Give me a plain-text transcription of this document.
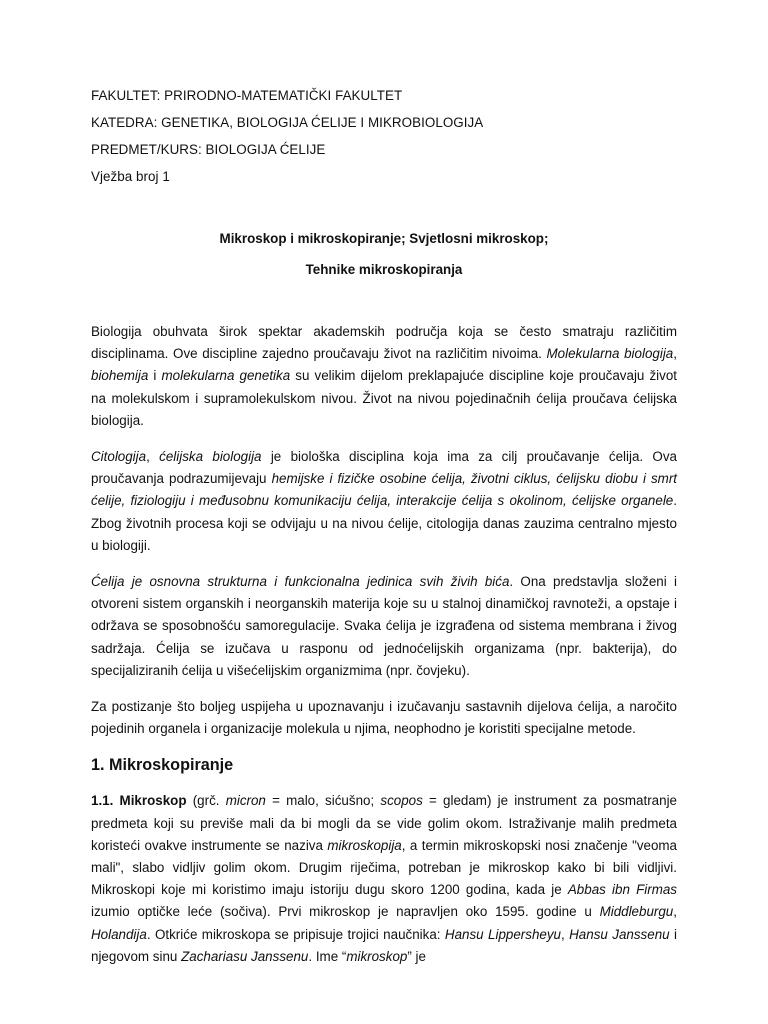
FAKULTET: PRIRODNO-MATEMATIČKI FAKULTET

KATEDRA: GENETIKA, BIOLOGIJA ĆELIJE I MIKROBIOLOGIJA

PREDMET/KURS: BIOLOGIJA ĆELIJE

Vježba broj 1

Mikroskop i mikroskopiranje; Svjetlosni mikroskop;

Tehnike mikroskopiranja

Biologija obuhvata širok spektar akademskih područja koja se često smatraju različitim disciplinama. Ove discipline zajedno proučavaju život na različitim nivoima. Molekularna biologija, biohemija i molekularna genetika su velikim dijelom preklapajuće discipline koje proučavaju život na molekulskom i supramolekulskom nivou. Život na nivou pojedinačnih ćelija proučava ćelijska biologija.

Citologija, ćelijska biologija je biološka disciplina koja ima za cilj proučavanje ćelija. Ova proučavanja podrazumijevaju hemijske i fizičke osobine ćelija, životni ciklus, ćelijsku diobu i smrt ćelije, fiziologiju i međusobnu komunikaciju ćelija, interakcije ćelija s okolinom, ćelijske organele. Zbog životnih procesa koji se odvijaju u na nivou ćelije, citologija danas zauzima centralno mjesto u biologiji.

Ćelija je osnovna strukturna i funkcionalna jedinica svih živih bića. Ona predstavlja složeni i otvoreni sistem organskih i neorganskih materija koje su u stalnoj dinamičkoj ravnoteži, a opstaje i održava se sposobnošću samoregulacije. Svaka ćelija je izgrađena od sistema membrana i živog sadržaja. Ćelija se izučava u rasponu od jednoćelijskih organizama (npr. bakterija), do specijaliziranih ćelija u višećelijskim organizmima (npr. čovjeku).

Za postizanje što boljeg uspijeha u upoznavanju i izučavanju sastavnih dijelova ćelija, a naročito pojedinih organela i organizacije molekula u njima, neophodno je koristiti specijalne metode.

1. Mikroskopiranje

1.1. Mikroskop (grč. micron = malo, sićušno; scopos = gledam) je instrument za posmatranje predmeta koji su previše mali da bi mogli da se vide golim okom. Istraživanje malih predmeta koristeći ovakve instrumente se naziva mikroskopija, a termin mikroskopski nosi značenje "veoma mali", slabo vidljiv golim okom. Drugim riječima, potreban je mikroskop kako bi bili vidljivi. Mikroskopi koje mi koristimo imaju istoriju dugu skoro 1200 godina, kada je Abbas ibn Firmas izumio optičke leće (sočiva). Prvi mikroskop je napravljen oko 1595. godine u Middleburgu, Holandija. Otkriće mikroskopa se pripisuje trojici naučnika: Hansu Lippersheyu, Hansu Janssenu i njegovom sinu Zachariasu Janssenu. Ime “mikroskop” je
